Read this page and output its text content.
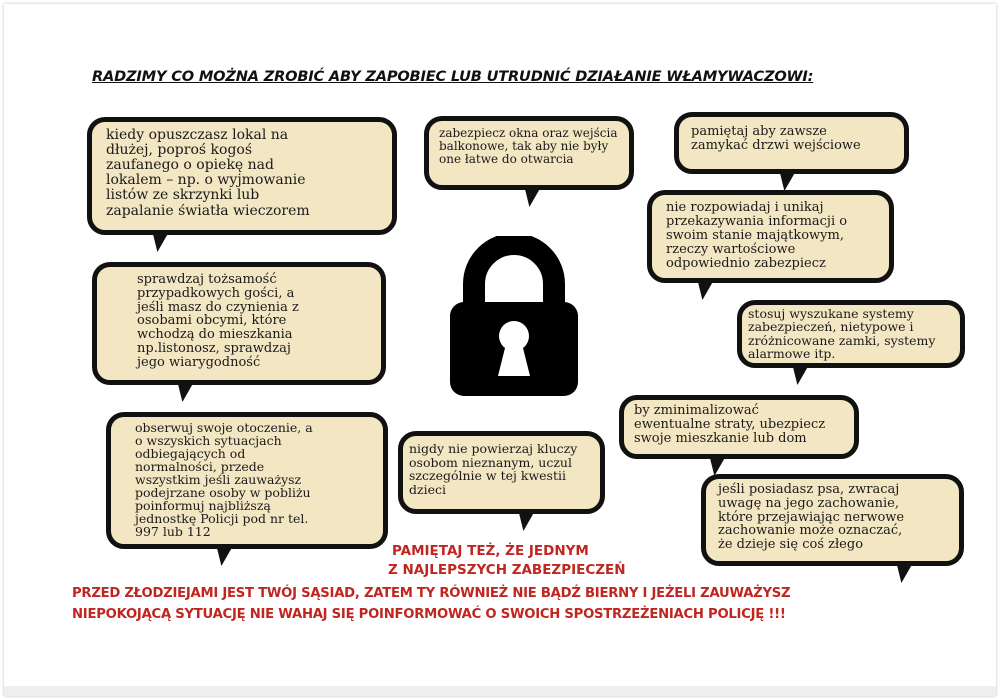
RADZIMY CO MOŻNA ZROBIĆ ABY ZAPOBIEC LUB UTRUDNIĆ DZIAŁANIE WŁAMYWACZOWI:
kiedy opuszczasz lokal na
dłużej, poproś kogoś
zaufanego o opiekę nad
lokalem – np. o wyjmowanie
listów ze skrzynki lub
zapalanie światła wieczorem
zabezpiecz okna oraz wejścia
balkonowe, tak aby nie były
one łatwe do otwarcia
pamiętaj aby zawsze
zamykać drzwi wejściowe
nie rozpowiadaj i unikaj
przekazywania informacji o
swoim stanie majątkowym,
rzeczy wartościowe
odpowiednio zabezpiecz
sprawdzaj tożsamość
przypadkowych gości, a
jeśli masz do czynienia z
osobami obcymi, które
wchodzą do mieszkania
np.listonosz, sprawdzaj
jego wiarygodność
stosuj wyszukane systemy
zabezpieczeń, nietypowe i
zróżnicowane zamki, systemy
alarmowe itp.
by zminimalizować
ewentualne straty, ubezpiecz
swoje mieszkanie lub dom
obserwuj swoje otoczenie, a
o wszyskich sytuacjach
odbiegających od
normalności, przede
wszystkim jeśli zauważysz
podejrzane osoby w pobliżu
poinformuj najbliższą
jednostkę Policji pod nr tel.
997 lub 112
nigdy nie powierzaj kluczy
osobom nieznanym, uczul
szczególnie w tej kwestii
dzieci	jeśli posiadasz psa, zwracaj
uwagę na jego zachowanie,
które przejawiając nerwowe
zachowanie może oznaczać,
że dzieje się coś złego
PAMIĘTAJ TEŻ, ŻE JEDNYM
Z NAJLEPSZYCH ZABEZPIECZEŃ
PRZED ZŁODZIEJAMI JEST TWÓJ SĄSIAD, ZATEM TY RÓWNIEŻ NIE BĄDŹ BIERNY I JEŻELI ZAUWAŻYSZ
NIEPOKOJĄCĄ SYTUACJĘ NIE WAHAJ SIĘ POINFORMOWAĆ O SWOICH SPOSTRZEŻENIACH POLICJĘ !!!
